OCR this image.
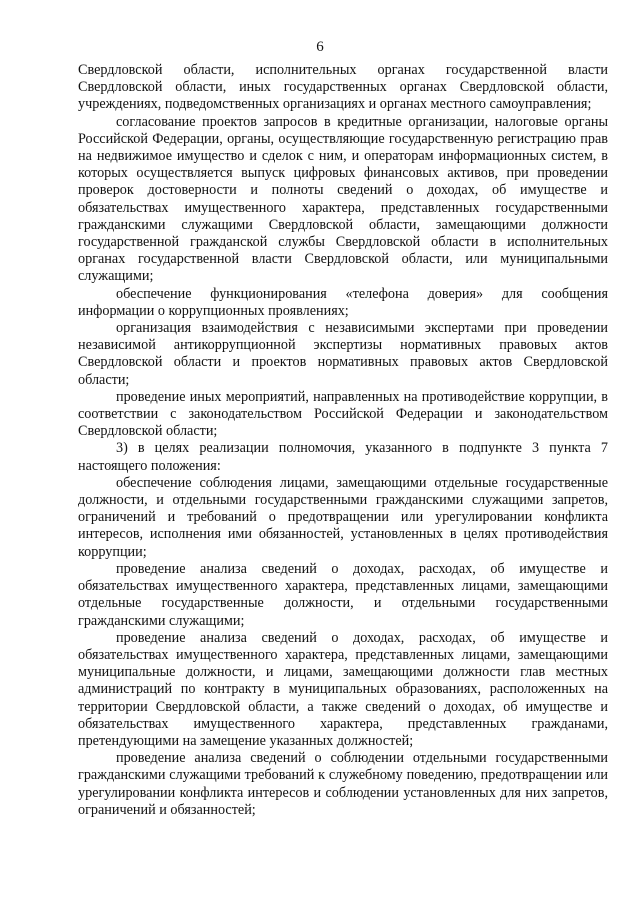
6

Свердловской области, исполнительных органах государственной власти Свердловской области, иных государственных органах Свердловской области, учреждениях, подведомственных организациях и органах местного самоуправления;

согласование проектов запросов в кредитные организации, налоговые органы Российской Федерации, органы, осуществляющие государственную регистрацию прав на недвижимое имущество и сделок с ним, и операторам информационных систем, в которых осуществляется выпуск цифровых финансовых активов, при проведении проверок достоверности и полноты сведений о доходах, об имуществе и обязательствах имущественного характера, представленных государственными гражданскими служащими Свердловской области, замещающими должности государственной гражданской службы Свердловской области в исполнительных органах государственной власти Свердловской области, или муниципальными служащими;

обеспечение функционирования «телефона доверия» для сообщения информации о коррупционных проявлениях;

организация взаимодействия с независимыми экспертами при проведении независимой антикоррупционной экспертизы нормативных правовых актов Свердловской области и проектов нормативных правовых актов Свердловской области;

проведение иных мероприятий, направленных на противодействие коррупции, в соответствии с законодательством Российской Федерации и законодательством Свердловской области;

3) в целях реализации полномочия, указанного в подпункте 3 пункта 7 настоящего положения:

обеспечение соблюдения лицами, замещающими отдельные государственные должности, и отдельными государственными гражданскими служащими запретов, ограничений и требований о предотвращении или урегулировании конфликта интересов, исполнения ими обязанностей, установленных в целях противодействия коррупции;

проведение анализа сведений о доходах, расходах, об имуществе и обязательствах имущественного характера, представленных лицами, замещающими отдельные государственные должности, и отдельными государственными гражданскими служащими;

проведение анализа сведений о доходах, расходах, об имуществе и обязательствах имущественного характера, представленных лицами, замещающими муниципальные должности, и лицами, замещающими должности глав местных администраций по контракту в муниципальных образованиях, расположенных на территории Свердловской области, а также сведений о доходах, об имуществе и обязательствах имущественного характера, представленных гражданами, претендующими на замещение указанных должностей;

проведение анализа сведений о соблюдении отдельными государственными гражданскими служащими требований к служебному поведению, предотвращении или урегулировании конфликта интересов и соблюдении установленных для них запретов, ограничений и обязанностей;
